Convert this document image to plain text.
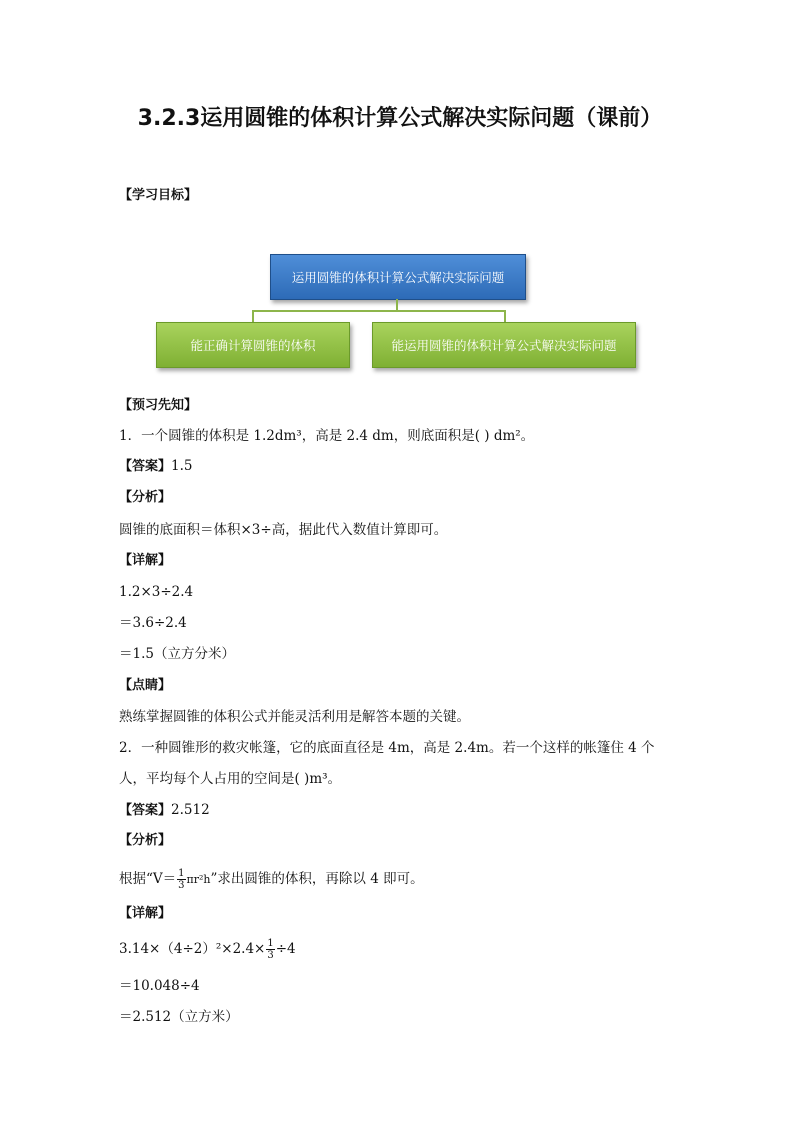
3.2.3运用圆锥的体积计算公式解决实际问题（课前）
【学习目标】
运用圆锥的体积计算公式解决实际问题
能正确计算圆锥的体积	能运用圆锥的体积计算公式解决实际问题
【预习先知】
1．一个圆锥的体积是 1.2dm³，高是 2.4 dm，则底面积是( ) dm²。
【答案】1.5
【分析】
圆锥的底面积＝体积×3÷高，据此代入数值计算即可。
【详解】
1.2×3÷2.4
＝3.6÷2.4
＝1.5（立方分米）
【点睛】
熟练掌握圆锥的体积公式并能灵活利用是解答本题的关键。
2．一种圆锥形的救灾帐篷，它的底面直径是 4m，高是 2.4m。若一个这样的帐篷住 4 个
人，平均每个人占用的空间是( )m³。
【答案】2.512
【分析】
根据“$V= \frac{1}{3} \pi r^2h$”求出圆锥的体积，再除以 4 即可。
【详解】
$3.14\times(4\div 2)^2\times 2.4\times \frac{1}{3} \div 4$
＝10.048÷4
＝2.512（立方米）
